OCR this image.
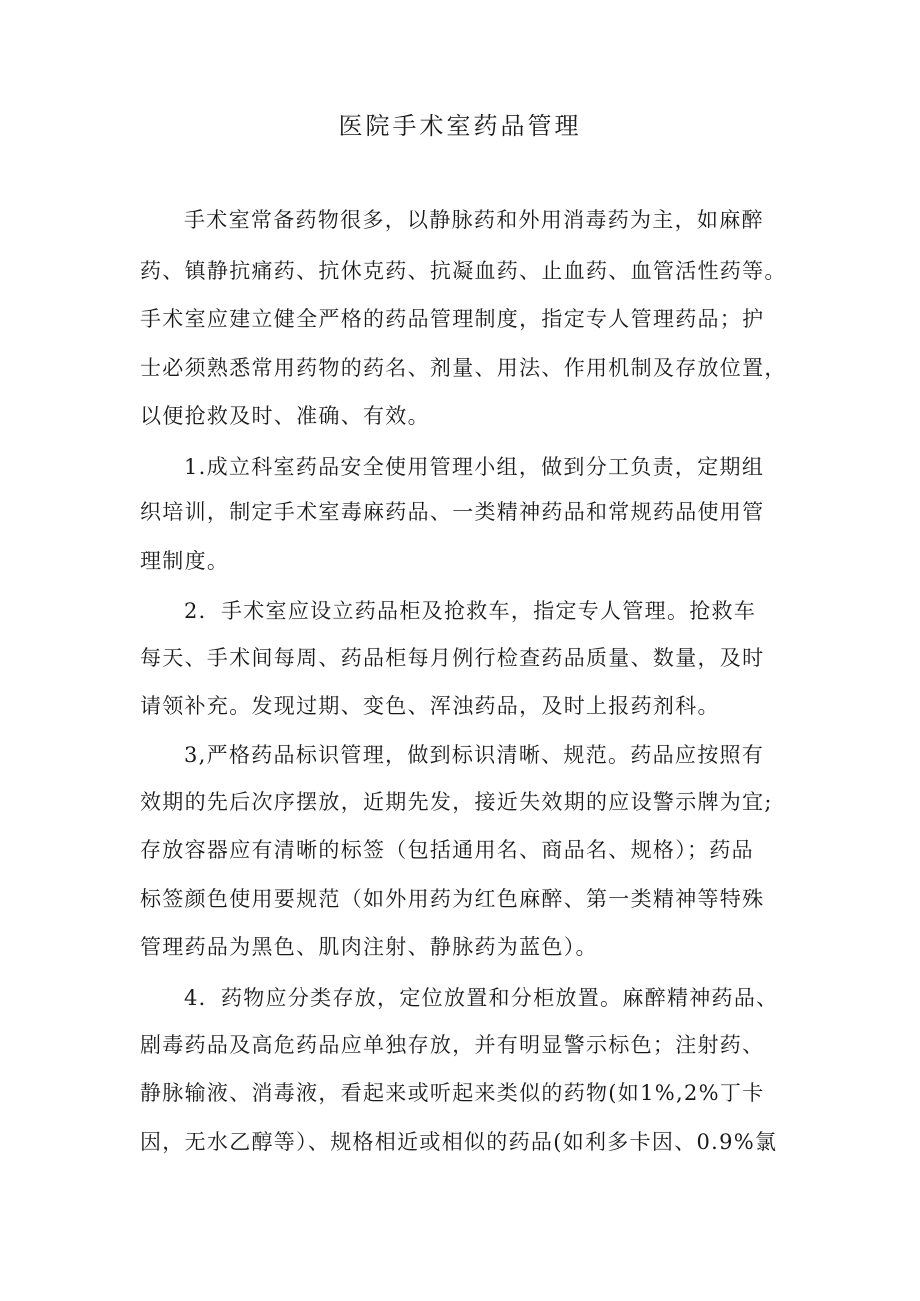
医院手术室药品管理
手术室常备药物很多，以静脉药和外用消毒药为主，如麻醉
药、镇静抗痛药、抗休克药、抗凝血药、止血药、血管活性药等。
手术室应建立健全严格的药品管理制度，指定专人管理药品；护
士必须熟悉常用药物的药名、剂量、用法、作用机制及存放位置，
以便抢救及时、准确、有效。
1.成立科室药品安全使用管理小组，做到分工负责，定期组
织培训，制定手术室毒麻药品、一类精神药品和常规药品使用管
理制度。
2．手术室应设立药品柜及抢救车，指定专人管理。抢救车
每天、手术间每周、药品柜每月例行检查药品质量、数量，及时
请领补充。发现过期、变色、浑浊药品，及时上报药剂科。
3,严格药品标识管理，做到标识清晰、规范。药品应按照有
效期的先后次序摆放，近期先发，接近失效期的应设警示牌为宜;
存放容器应有清晰的标签（包括通用名、商品名、规格）；药品
标签颜色使用要规范（如外用药为红色麻醉、第一类精神等特殊
管理药品为黑色、肌肉注射、静脉药为蓝色）。
4．药物应分类存放，定位放置和分柜放置。麻醉精神药品、
剧毒药品及高危药品应单独存放，并有明显警示标色；注射药、
静脉输液、消毒液，看起来或听起来类似的药物(如1%,2%丁卡
因，无水乙醇等）、规格相近或相似的药品(如利多卡因、0.9%氯
